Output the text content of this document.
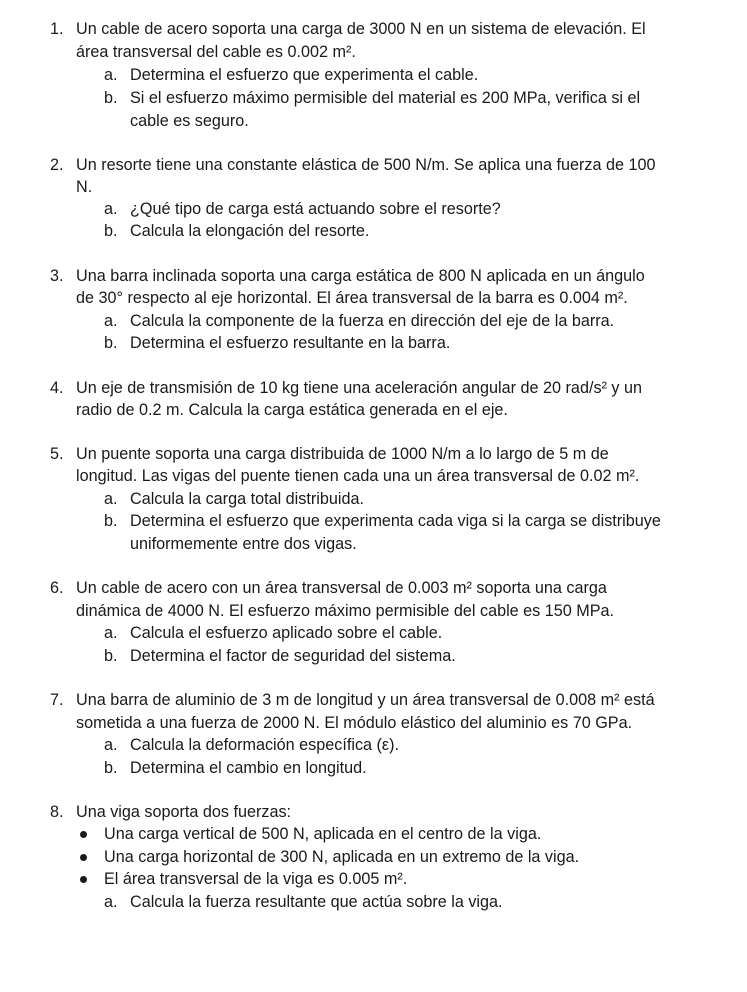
1. Un cable de acero soporta una carga de 3000 N en un sistema de elevación. El
área transversal del cable es 0.002 m².
a. Determina el esfuerzo que experimenta el cable.
b. Si el esfuerzo máximo permisible del material es 200 MPa, verifica si el
cable es seguro.
2. Un resorte tiene una constante elástica de 500 N/m. Se aplica una fuerza de 100
N.
a. ¿Qué tipo de carga está actuando sobre el resorte?
b. Calcula la elongación del resorte.
3. Una barra inclinada soporta una carga estática de 800 N aplicada en un ángulo
de 30° respecto al eje horizontal. El área transversal de la barra es 0.004 m².
a. Calcula la componente de la fuerza en dirección del eje de la barra.
b. Determina el esfuerzo resultante en la barra.
4. Un eje de transmisión de 10 kg tiene una aceleración angular de 20 rad/s² y un
radio de 0.2 m. Calcula la carga estática generada en el eje.
5. Un puente soporta una carga distribuida de 1000 N/m a lo largo de 5 m de
longitud. Las vigas del puente tienen cada una un área transversal de 0.02 m².
a. Calcula la carga total distribuida.
b. Determina el esfuerzo que experimenta cada viga si la carga se distribuye
uniformemente entre dos vigas.
6. Un cable de acero con un área transversal de 0.003 m² soporta una carga
dinámica de 4000 N. El esfuerzo máximo permisible del cable es 150 MPa.
a. Calcula el esfuerzo aplicado sobre el cable.
b. Determina el factor de seguridad del sistema.
7. Una barra de aluminio de 3 m de longitud y un área transversal de 0.008 m² está
sometida a una fuerza de 2000 N. El módulo elástico del aluminio es 70 GPa.
a. Calcula la deformación específica (ε).
b. Determina el cambio en longitud.
8. Una viga soporta dos fuerzas:
Una carga vertical de 500 N, aplicada en el centro de la viga.
Una carga horizontal de 300 N, aplicada en un extremo de la viga.
El área transversal de la viga es 0.005 m².
a. Calcula la fuerza resultante que actúa sobre la viga.
